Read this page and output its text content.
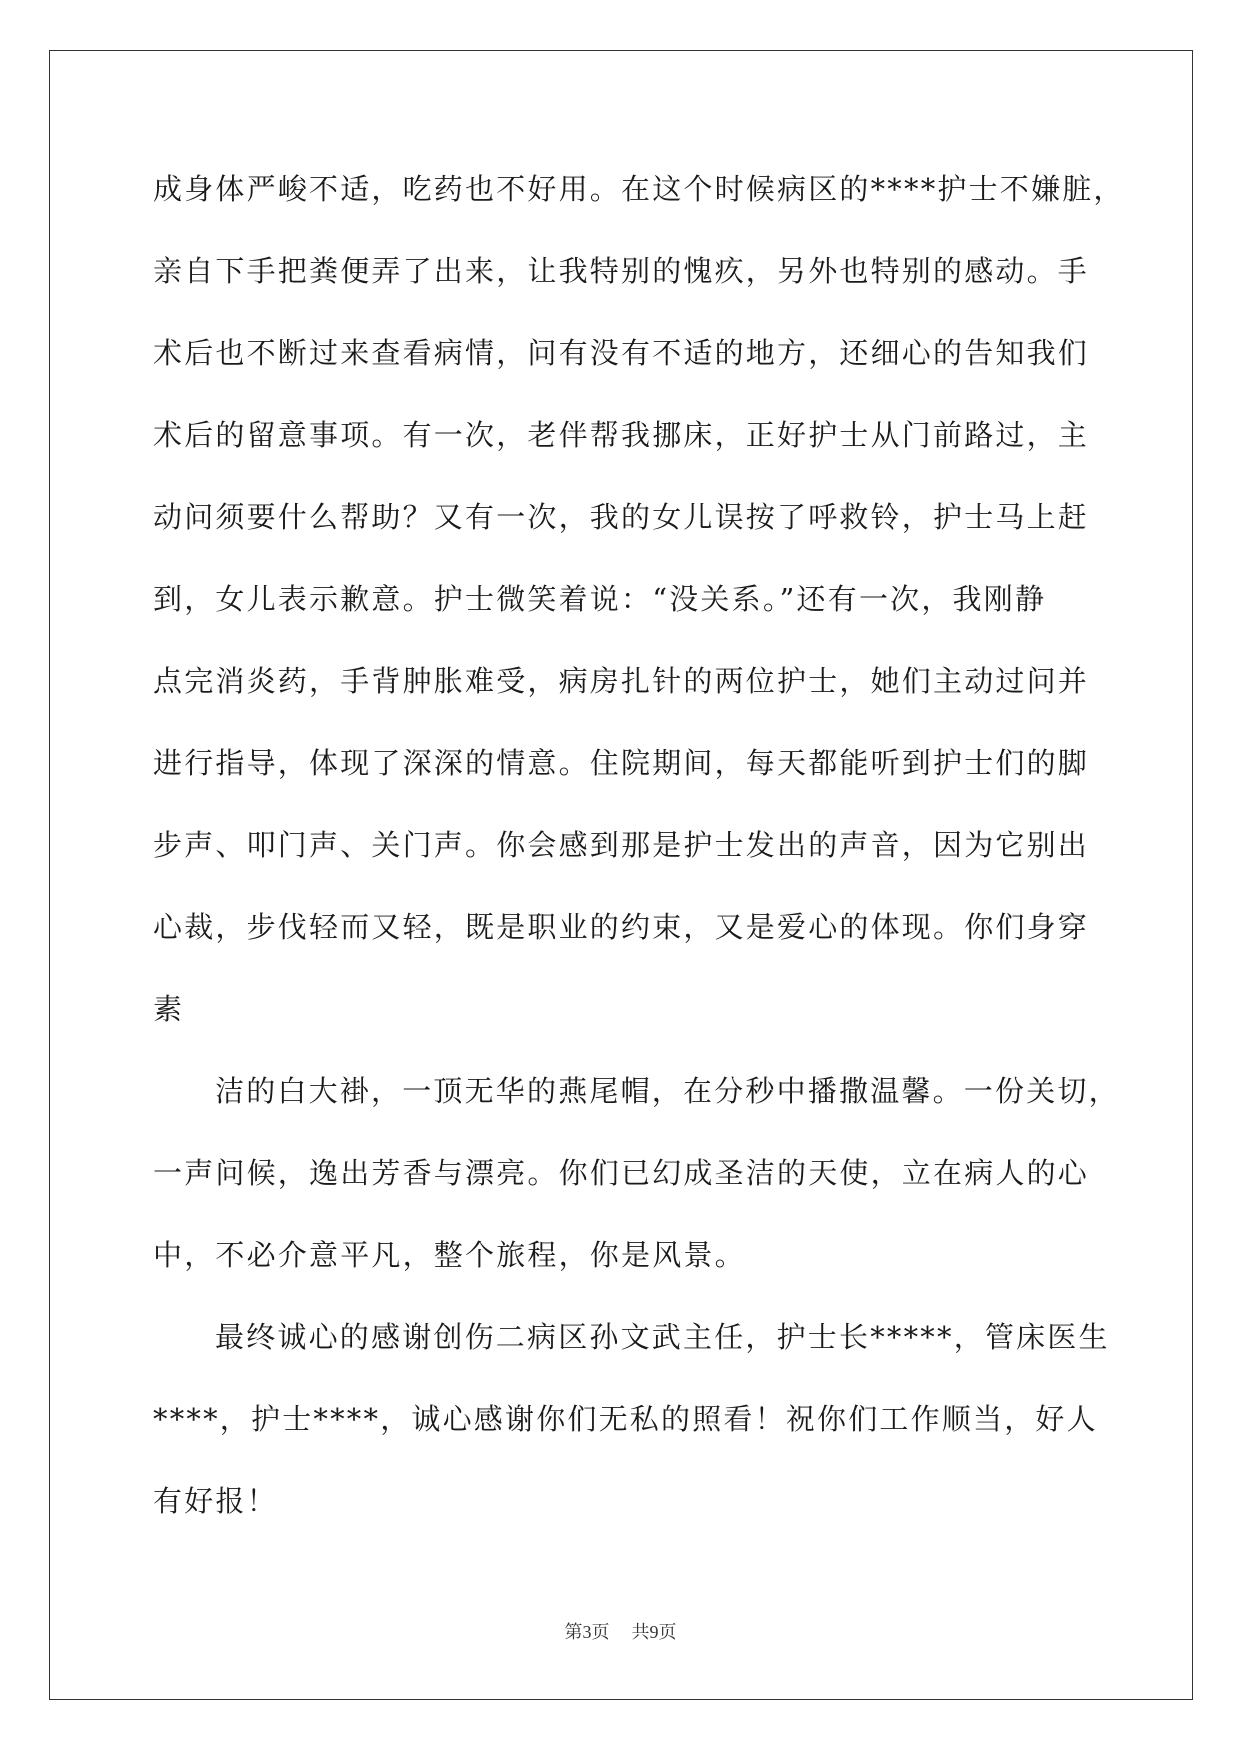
成身体严峻不适，吃药也不好用。在这个时候病区的****护士不嫌脏，

亲自下手把粪便弄了出来，让我特别的愧疚，另外也特别的感动。手

术后也不断过来查看病情，问有没有不适的地方，还细心的告知我们

术后的留意事项。有一次，老伴帮我挪床，正好护士从门前路过，主

动问须要什么帮助？又有一次，我的女儿误按了呼救铃，护士马上赶

到，女儿表示歉意。护士微笑着说：“没关系。”还有一次，我刚静

点完消炎药，手背肿胀难受，病房扎针的两位护士，她们主动过问并

进行指导，体现了深深的情意。住院期间，每天都能听到护士们的脚

步声、叩门声、关门声。你会感到那是护士发出的声音，因为它别出

心裁，步伐轻而又轻，既是职业的约束，又是爱心的体现。你们身穿

素

洁的白大褂，一顶无华的燕尾帽，在分秒中播撒温馨。一份关切，

一声问候，逸出芳香与漂亮。你们已幻成圣洁的天使，立在病人的心

中，不必介意平凡，整个旅程，你是风景。

最终诚心的感谢创伤二病区孙文武主任，护士长*****，管床医生

****，护士****，诚心感谢你们无私的照看！祝你们工作顺当，好人

有好报！

第3页 共9页
